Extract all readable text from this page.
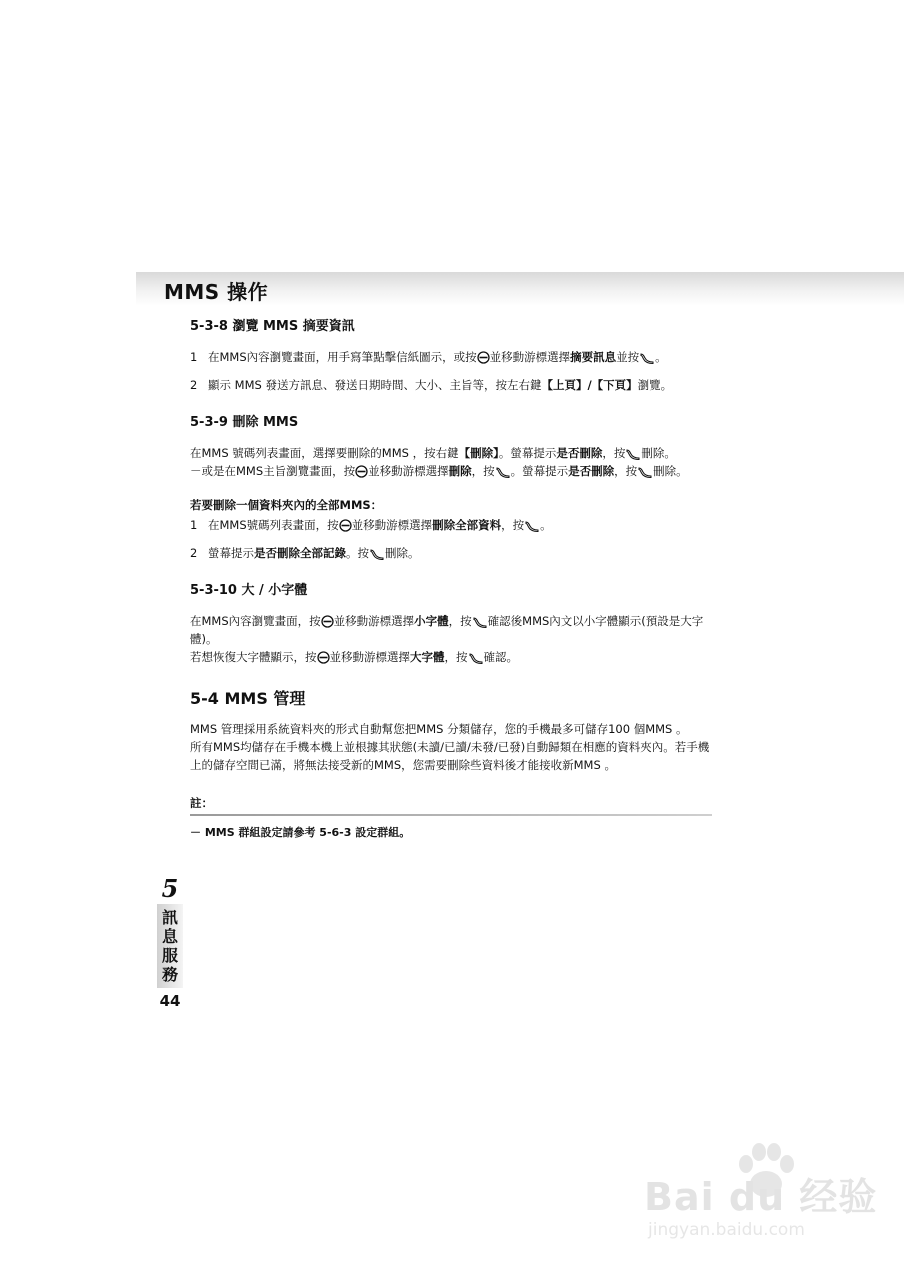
MMS 操作
5-3-8 瀏覽 MMS 摘要資訊
1 在MMS內容瀏覽畫面，用手寫筆點擊信紙圖示，或按 並移動游標選擇摘要訊息並按 。
2 顯示 MMS 發送方訊息、發送日期時間、大小、主旨等，按左右鍵【上頁】/【下頁】瀏覽。
5-3-9 刪除 MMS

在MMS 號碼列表畫面，選擇要刪除的MMS ，按右鍵【刪除】。螢幕提示是否刪除，按 刪除。

－或是在MMS主旨瀏覽畫面，按 並移動游標選擇刪除，按 。螢幕提示是否刪除，按 刪除。

若要刪除一個資料夾內的全部MMS：

1 在MMS號碼列表畫面，按 並移動游標選擇刪除全部資料，按 。
2 螢幕提示是否刪除全部記錄。按 刪除。
5-3-10 大 / 小字體

在MMS內容瀏覽畫面，按 並移動游標選擇小字體，按 確認後MMS內文以小字體顯示(預設是大字體)。

若想恢復大字體顯示，按 並移動游標選擇大字體，按 確認。

5-4 MMS 管理

MMS 管理採用系統資料夾的形式自動幫您把MMS 分類儲存，您的手機最多可儲存100 個MMS 。

所有MMS均儲存在手機本機上並根據其狀態(未讀/已讀/未發/已發)自動歸類在相應的資料夾內。若手機上的儲存空間已滿，將無法接受新的MMS，您需要刪除些資料後才能接收新MMS 。

註：
－ MMS 群組設定請參考 5-6-3 設定群組。
5
訊
息
服
務
44
Bai du 经验
jingyan.baidu.com
